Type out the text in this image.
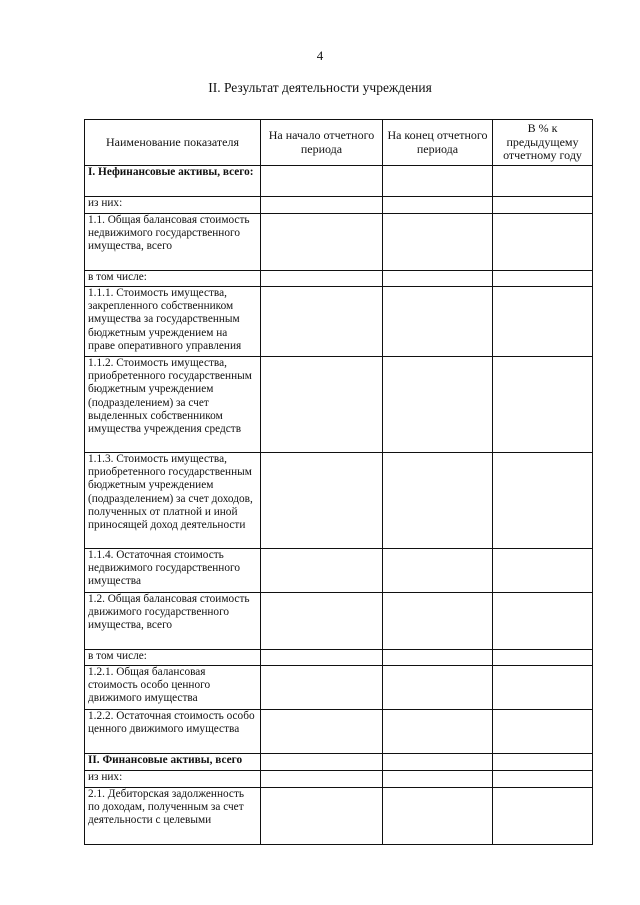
4
II. Результат деятельности учреждения
Наименование показателя	На начало отчетного периода	На конец отчетного периода	В % к предыдущему отчетному году
I. Нефинансовые активы, всего:			
из них:			
1.1. Общая балансовая стоимость недвижимого государственного имущества, всего			
в том числе:			
1.1.1. Стоимость имущества, закрепленного собственником имущества за государственным бюджетным учреждением на праве оперативного управления			
1.1.2. Стоимость имущества, приобретенного государственным бюджетным учреждением (подразделением) за счет выделенных собственником имущества учреждения средств			
1.1.3. Стоимость имущества, приобретенного государственным бюджетным учреждением (подразделением) за счет доходов, полученных от платной и иной приносящей доход деятельности			
1.1.4. Остаточная стоимость недвижимого государственного имущества			
1.2. Общая балансовая стоимость движимого государственного имущества, всего			
в том числе:			
1.2.1. Общая балансовая стоимость особо ценного движимого имущества			
1.2.2. Остаточная стоимость особо ценного движимого имущества			
II. Финансовые активы, всего			
из них:			
2.1. Дебиторская задолженность по доходам, полученным за счет деятельности с целевыми			
